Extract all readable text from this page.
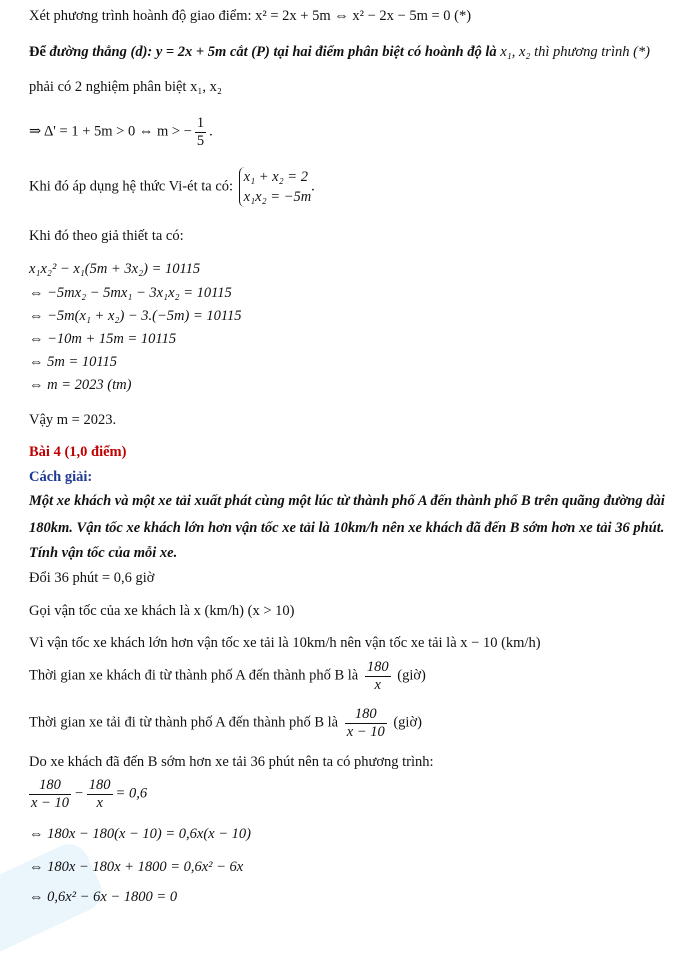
Xét phương trình hoành độ giao điểm: x² = 2x + 5m ⇔ x² − 2x − 5m = 0 (*)
Để đường thẳng (d): y = 2x + 5m cắt (P) tại hai điểm phân biệt có hoành độ là x₁, x₂ thì phương trình (*)
phải có 2 nghiệm phân biệt x₁, x₂
⇒ Δ' = 1 + 5m > 0 ⇔ m > − $\frac{1}{5}$ .
Khi đó áp dụng hệ thức Vi-ét ta có:
x₁ + x₂ = 2
x₁x₂ = −5m
.
Khi đó theo giả thiết ta có:
x₁x₂² − x₁(5m + 3x₂) = 10115
⇔ −5mx₂ − 5mx₁ − 3x₁x₂ = 10115
⇔ −5m(x₁ + x₂) − 3.(−5m) = 10115
⇔ −10m + 15m = 10115
⇔ 5m = 10115
⇔ m = 2023 (tm)
Vậy m = 2023.
Bài 4 (1,0 điểm)
Cách giải:
Một xe khách và một xe tải xuất phát cùng một lúc từ thành phố A đến thành phố B trên quãng đường dài
180km. Vận tốc xe khách lớn hơn vận tốc xe tải là 10km/h nên xe khách đã đến B sớm hơn xe tải 36 phút.
Tính vận tốc của mỗi xe.
Đổi 36 phút = 0,6 giờ
Gọi vận tốc của xe khách là x (km/h) (x > 10)
Vì vận tốc xe khách lớn hơn vận tốc xe tải là 10km/h nên vận tốc xe tải là x − 10 (km/h)
Thời gian xe khách đi từ thành phố A đến thành phố B là $\frac{180}{x}$ (giờ)
Thời gian xe tải đi từ thành phố A đến thành phố B là $\frac{180}{x - 10}$ (giờ)
Do xe khách đã đến B sớm hơn xe tải 36 phút nên ta có phương trình:
$\frac{180}{x - 10} - \frac{180}{x} = 0,6$
⇔ 180x − 180(x − 10) = 0,6x(x − 10)
⇔ 180x − 180x + 1800 = 0,6x² − 6x
⇔ 0,6x² − 6x − 1800 = 0
